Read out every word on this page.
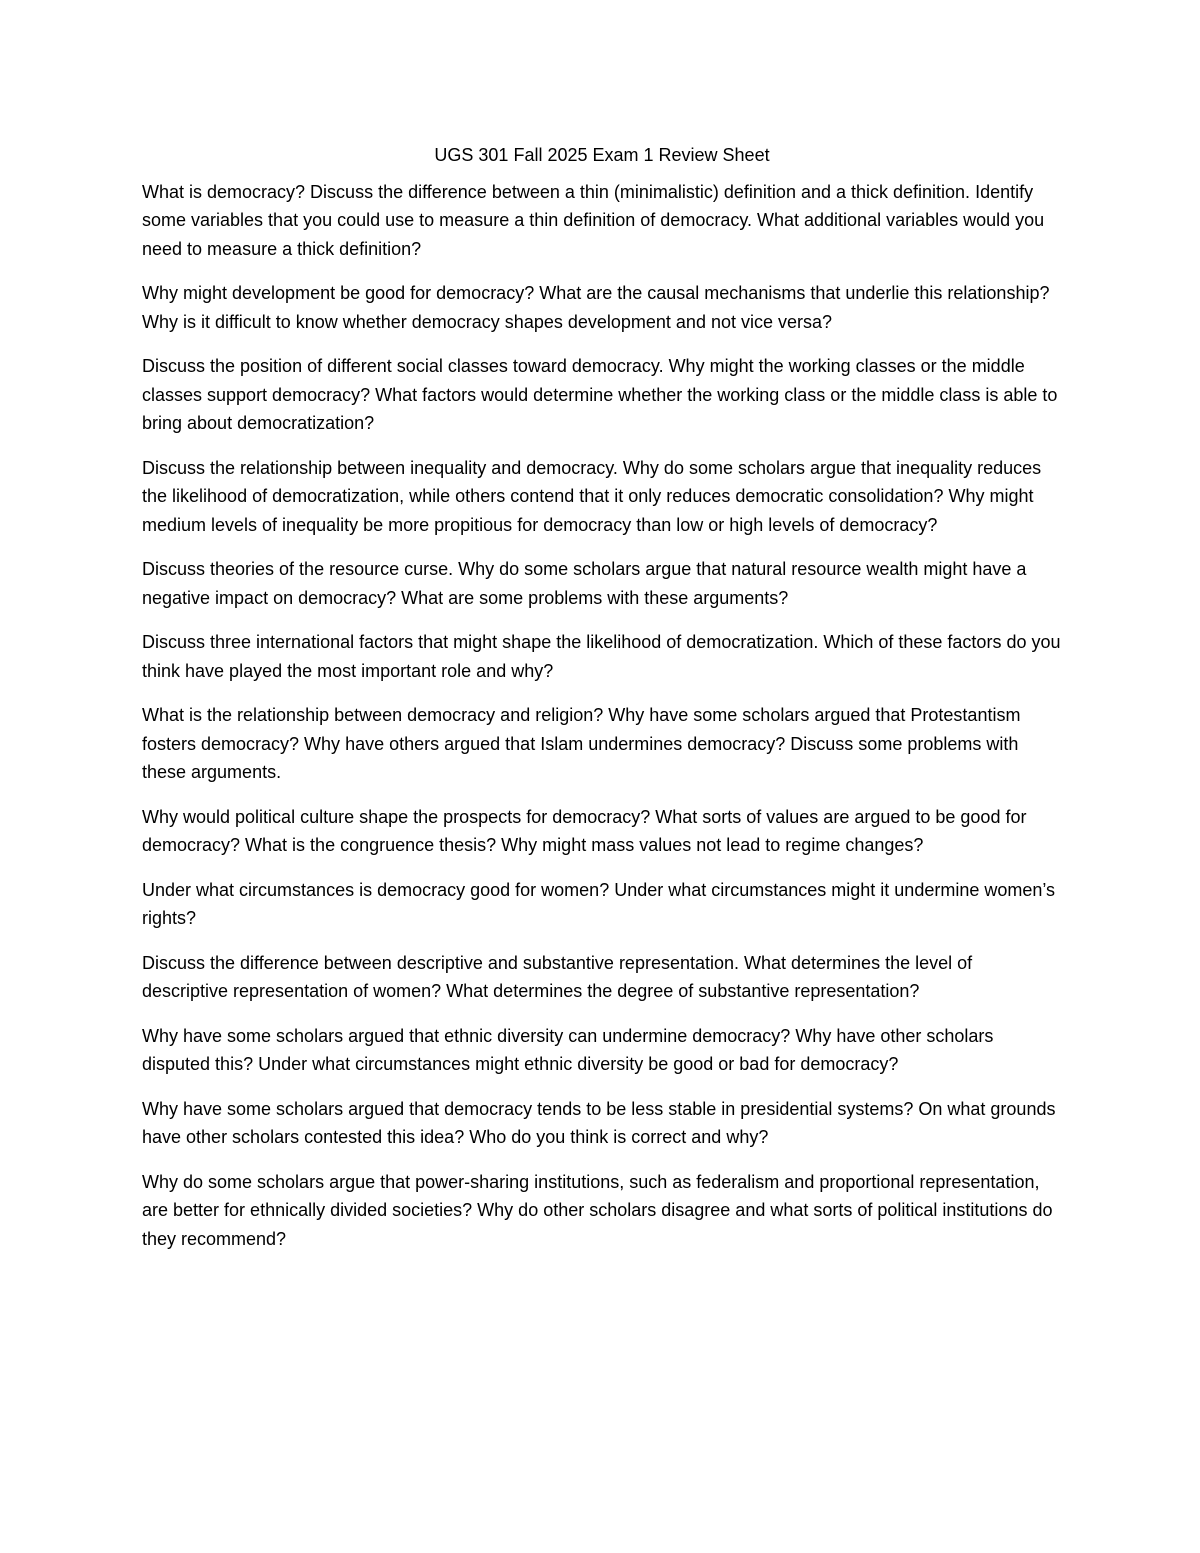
UGS 301 Fall 2025 Exam 1 Review Sheet

What is democracy? Discuss the difference between a thin (minimalistic) definition and a thick definition. Identify some variables that you could use to measure a thin definition of democracy. What additional variables would you need to measure a thick definition?

Why might development be good for democracy? What are the causal mechanisms that underlie this relationship? Why is it difficult to know whether democracy shapes development and not vice versa?

Discuss the position of different social classes toward democracy. Why might the working classes or the middle classes support democracy? What factors would determine whether the working class or the middle class is able to bring about democratization?

Discuss the relationship between inequality and democracy. Why do some scholars argue that inequality reduces the likelihood of democratization, while others contend that it only reduces democratic consolidation? Why might medium levels of inequality be more propitious for democracy than low or high levels of democracy?

Discuss theories of the resource curse. Why do some scholars argue that natural resource wealth might have a negative impact on democracy? What are some problems with these arguments?

Discuss three international factors that might shape the likelihood of democratization. Which of these factors do you think have played the most important role and why?

What is the relationship between democracy and religion? Why have some scholars argued that Protestantism fosters democracy? Why have others argued that Islam undermines democracy? Discuss some problems with these arguments.

Why would political culture shape the prospects for democracy? What sorts of values are argued to be good for democracy? What is the congruence thesis? Why might mass values not lead to regime changes?

Under what circumstances is democracy good for women? Under what circumstances might it undermine women’s rights?

Discuss the difference between descriptive and substantive representation. What determines the level of descriptive representation of women? What determines the degree of substantive representation?

Why have some scholars argued that ethnic diversity can undermine democracy? Why have other scholars disputed this? Under what circumstances might ethnic diversity be good or bad for democracy?

Why have some scholars argued that democracy tends to be less stable in presidential systems? On what grounds have other scholars contested this idea? Who do you think is correct and why?

Why do some scholars argue that power-sharing institutions, such as federalism and proportional representation, are better for ethnically divided societies? Why do other scholars disagree and what sorts of political institutions do they recommend?
